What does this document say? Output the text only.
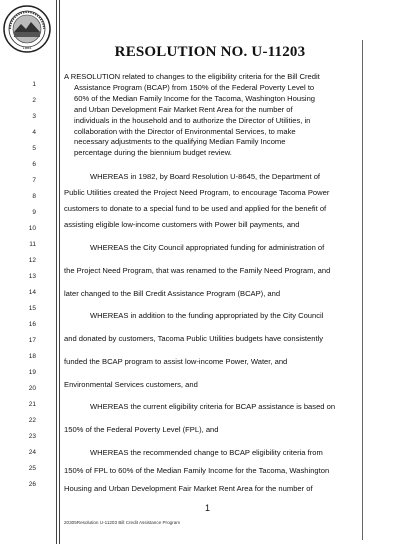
1884
1
2
3
4
5
6
7
8
9
10
11
12
13
14
15
16
17
18
19
20
21
22
23
24
25
26
RESOLUTION NO. U-11203
A RESOLUTION related to changes to the eligibility criteria for the Bill Credit
Assistance Program (BCAP) from 150% of the Federal Poverty Level to
60% of the Median Family Income for the Tacoma, Washington Housing
and Urban Development Fair Market Rent Area for the number of
individuals in the household and to authorize the Director of Utilities, in
collaboration with the Director of Environmental Services, to make
necessary adjustments to the qualifying Median Family Income
percentage during the biennium budget review.
WHEREAS in 1982, by Board Resolution U-8645, the Department of
Public Utilities created the Project Need Program, to encourage Tacoma Power
customers to donate to a special fund to be used and applied for the benefit of
assisting eligible low-income customers with Power bill payments, and
WHEREAS the City Council appropriated funding for administration of
the Project Need Program, that was renamed to the Family Need Program, and
later changed to the Bill Credit Assistance Program (BCAP), and
WHEREAS in addition to the funding appropriated by the City Council
and donated by customers, Tacoma Public Utilities budgets have consistently
funded the BCAP program to assist low-income Power, Water, and
Environmental Services customers, and
WHEREAS the current eligibility criteria for BCAP assistance is based on
150% of the Federal Poverty Level (FPL), and
WHEREAS the recommended change to BCAP eligibility criteria from
150% of FPL to 60% of the Median Family Income for the Tacoma, Washington
Housing and Urban Development Fair Market Rent Area for the number of
1
20305Resolution U-11203 Bill Credit Assistance Program
